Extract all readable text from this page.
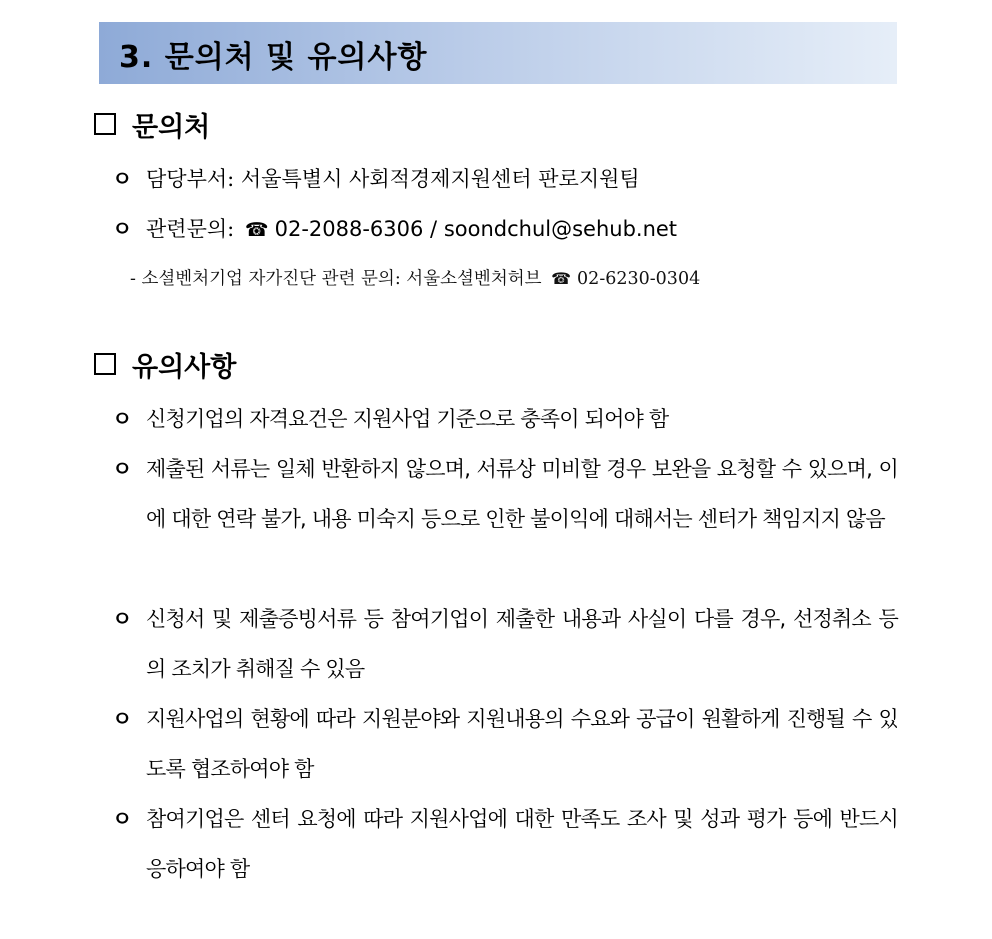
3. 문의처 및 유의사항
문의처
ㅇ 담당부서: 서울특별시 사회적경제지원센터 판로지원팀
ㅇ 관련문의: ☎ 02-2088-6306 / soondchul@sehub.net
- 소셜벤처기업 자가진단 관련 문의: 서울소셜벤처허브 ☎ 02-6230-0304
유의사항
ㅇ 신청기업의 자격요건은 지원사업 기준으로 충족이 되어야 함
ㅇ 제출된 서류는 일체 반환하지 않으며, 서류상 미비할 경우 보완을 요청할 수 있으며, 이에 대한 연락 불가, 내용 미숙지 등으로 인한 불이익에 대해서는 센터가 책임지지 않음
ㅇ 신청서 및 제출증빙서류 등 참여기업이 제출한 내용과 사실이 다를 경우, 선정취소 등의 조치가 취해질 수 있음
ㅇ 지원사업의 현황에 따라 지원분야와 지원내용의 수요와 공급이 원활하게 진행될 수 있도록 협조하여야 함
ㅇ 참여기업은 센터 요청에 따라 지원사업에 대한 만족도 조사 및 성과 평가 등에 반드시 응하여야 함
